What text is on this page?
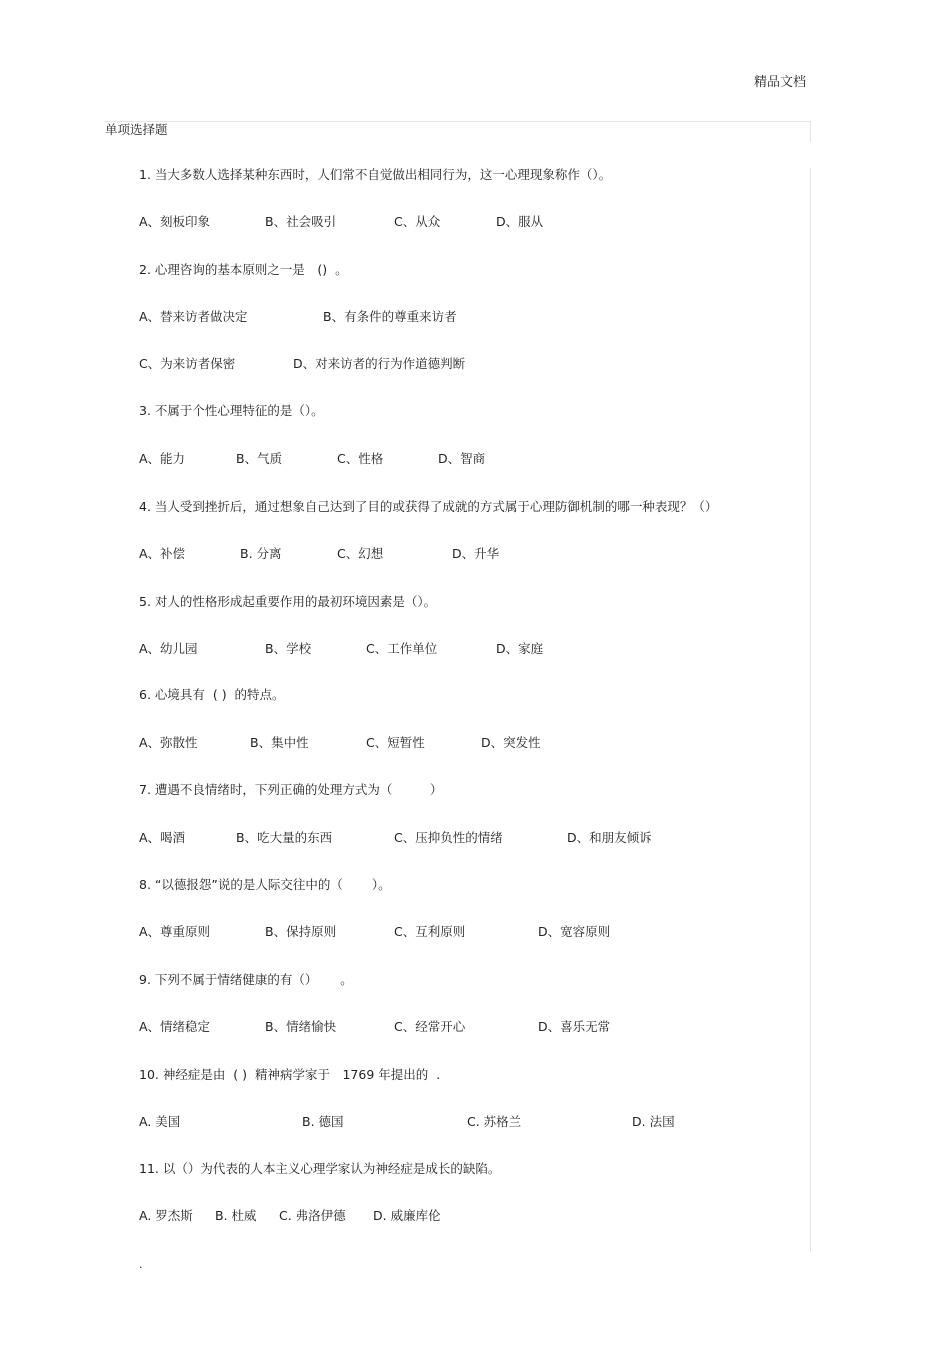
精品文档
单项选择题
1. 当大多数人选择某种东西时，人们常不自觉做出相同行为，这一心理现象称作（）。
A、刻板印象	B、社会吸引	C、从众	D、服从
2. 心理咨询的基本原则之一是　()  。
A、替来访者做决定	B、有条件的尊重来访者
C、为来访者保密	D、对来访者的行为作道德判断
3. 不属于个性心理特征的是（）。
A、能力	B、气质	C、性格	D、智商
4. 当人受到挫折后，通过想象自己达到了目的或获得了成就的方式属于心理防御机制的哪一种表现？（）
A、补偿	B. 分离	C、幻想	D、升华
5. 对人的性格形成起重要作用的最初环境因素是（）。
A、幼儿园	B、学校	C、工作单位	D、家庭
6. 心境具有  ( )  的特点。
A、弥散性	B、集中性	C、短暂性	D、突发性
7. 遭遇不良情绪时，下列正确的处理方式为（　　　）
A、喝酒	B、吃大量的东西	C、压抑负性的情绪	D、和朋友倾诉
8. “以德报怨”说的是人际交往中的（　　 ）。
A、尊重原则	B、保持原则	C、互利原则	D、宽容原则
9. 下列不属于情绪健康的有（）　　 。
A、情绪稳定	B、情绪愉快	C、经常开心	D、喜乐无常
10. 神经症是由  ( )  精神病学家于　1769 年提出的  .
A. 美国	B. 德国	C. 苏格兰	D. 法国
11. 以（）为代表的人本主义心理学家认为神经症是成长的缺陷。
A. 罗杰斯 B. 杜威 C. 弗洛伊德 D. 威廉库伦
.
